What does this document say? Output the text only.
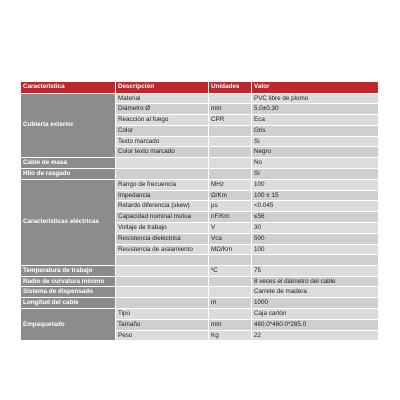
Característica	Descripción	Unidades	Valor
Cubierta exterior	Material		PVC libre de plomo
	Diámetro Ø	mm	5.0±0.30
	Reacción al fuego	CPR	Eca
	Color		Gris
	Texto marcado		Si
	Color texto marcado		Negro
Cable de masa			No
Hilo de rasgado			Si
Características eléctricas	Rango de frecuencia	MHz	100
	Impedancia	Ω/Km	100 ± 15
	Retardo diferencia (skew)	µs	<0.045
	Capacidad nominal mutua	nF/Km	≤56
	Voltaje de trabajo	V	30
	Resistencia dieléctrica	Vca	500
	Resistencia de aislamiento	MΩ/Km	100

Temperatura de trabajo		ºC	75
Radio de curvatura mínimo			8 veces el diámetro del cable
Sistema de dispensado			Carrete de madera
Longitud del cable		m	1000
Empaquetado	Tipo		Caja cartón
	Tamaño	mm	460.0*460.0*285.0
	Peso	Kg	22
